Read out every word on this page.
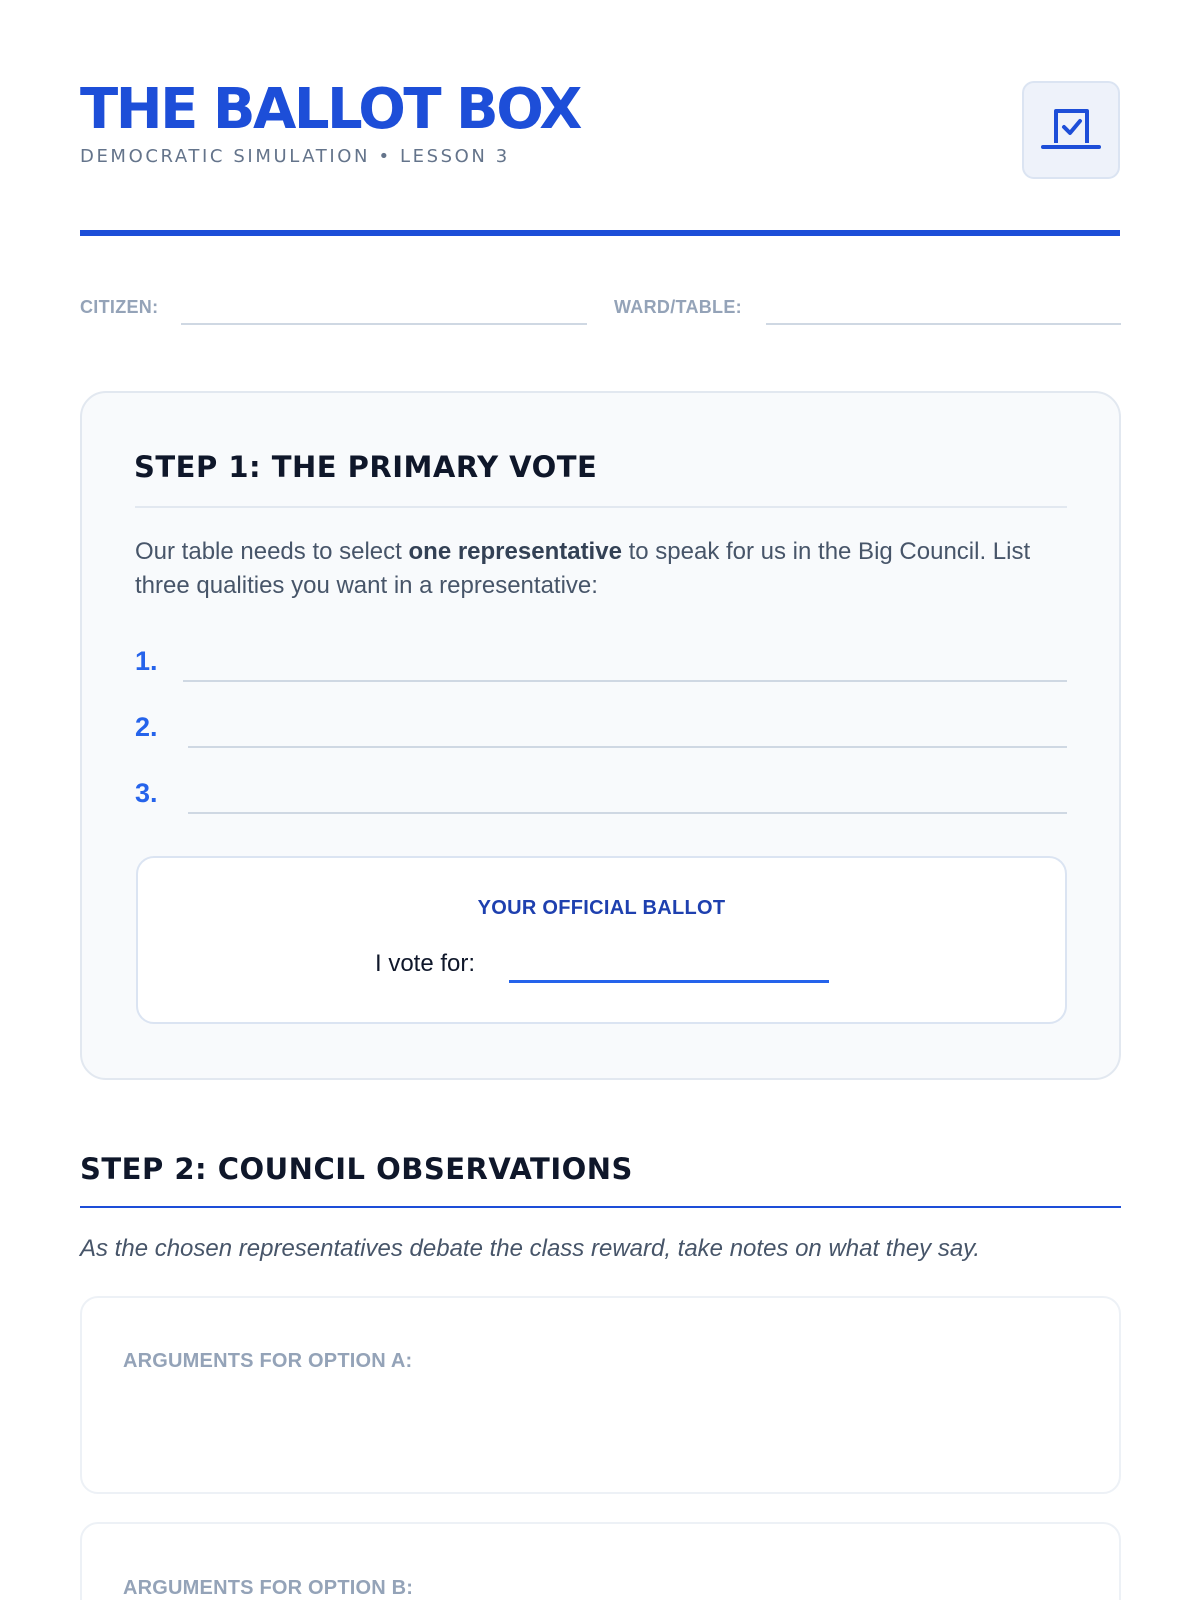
THE BALLOT BOX
DEMOCRATIC SIMULATION • LESSON 3
CITIZEN:	WARD/TABLE:
STEP 1: THE PRIMARY VOTE
Our table needs to select one representative to speak for us in the Big Council. List three qualities you want in a representative:
1.
2.
3.
YOUR OFFICIAL BALLOT
I vote for:
STEP 2: COUNCIL OBSERVATIONS
As the chosen representatives debate the class reward, take notes on what they say.
ARGUMENTS FOR OPTION A:
ARGUMENTS FOR OPTION B:
